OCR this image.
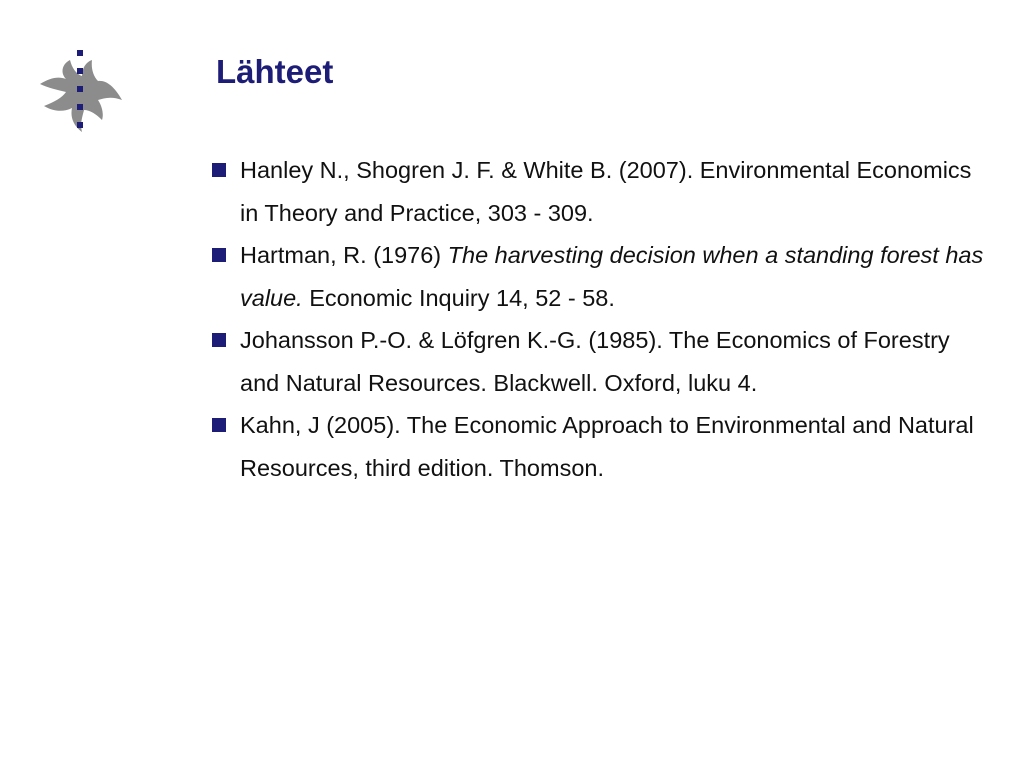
Lähteet
Hanley N., Shogren J. F. & White B. (2007). Environmental Economics in Theory and Practice, 303 - 309.
Hartman, R. (1976) The harvesting decision when a standing forest has value. Economic Inquiry 14, 52 - 58.
Johansson P.-O. & Löfgren K.-G. (1985). The Economics of Forestry and Natural Resources. Blackwell. Oxford, luku 4.
Kahn, J (2005). The Economic Approach to Environmental and Natural Resources, third edition. Thomson.
